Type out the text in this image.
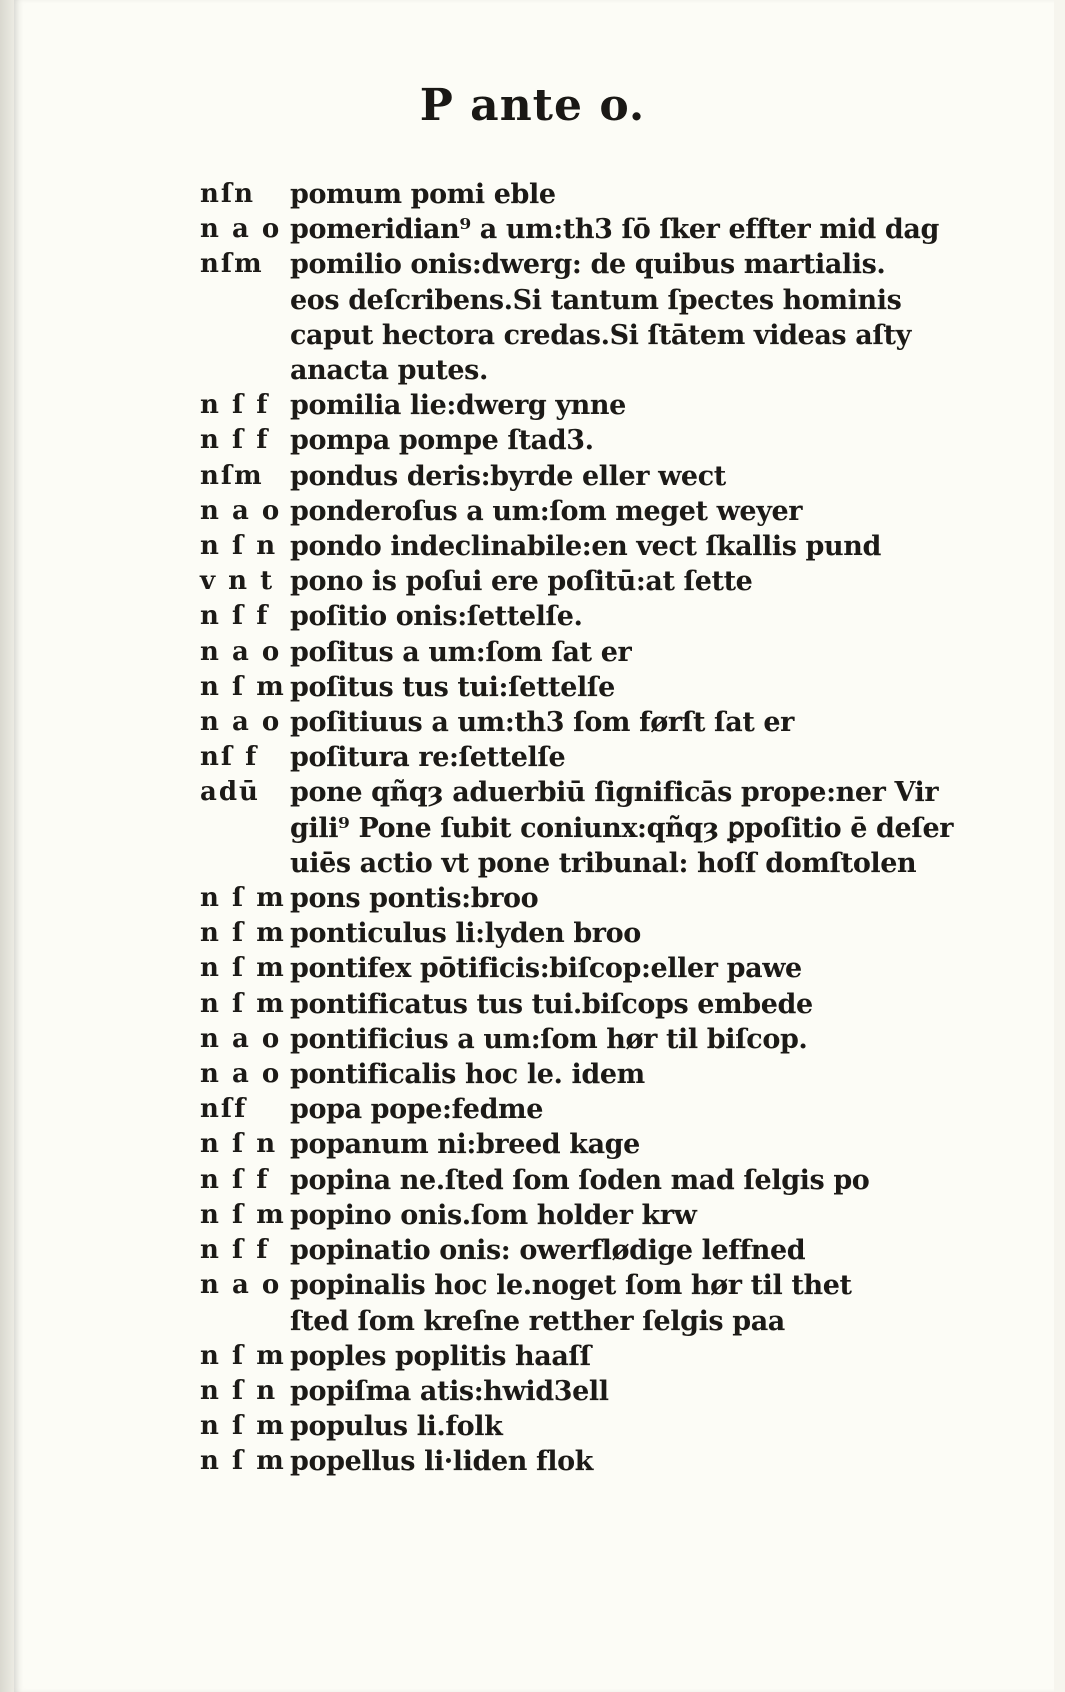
P ante o.
nſn	pomum pomi eble
n a o pomeridian⁹ a um:th3 ſō ſker effter mid dag
nſm pomilio onis:dwerg: de quibus martialis.
eos deſcribens.Si tantum ſpectes hominis
caput hectora credas.Si ſtātem videas aſty
anacta putes.
n ſ f pomilia lie:dwerg ynne
n ſ f pompa pompe ſtad3.
nſm pondus deris:byrde eller wect
n a o ponderoſus a um:ſom meget weyer
n ſ n pondo indeclinabile:en vect ſkallis pund
v n t pono is poſui ere poſitū:at ſette
n ſ f poſitio onis:ſettelſe.
n a o poſitus a um:ſom ſat er
n ſ m poſitus tus tui:ſettelſe
n a o poſitiuus a um:th3 ſom førſt ſat er
nſ f	poſitura re:ſettelſe
adū	pone qñqȝ aduerbiū ſignificās prope:ner Vir
gili⁹ Pone ſubit coniunx:qñqȝ ꝑpoſitio ē deſer
uiēs actio vt pone tribunal: hoſſ domſtolen
n ſ m pons pontis:broo
n ſ m ponticulus li:lyden broo
n ſ m pontifex pōtificis:biſcop:eller pawe
n ſ m pontificatus tus tui.biſcops embede
n a o pontificius a um:ſom hør til biſcop.
n a o pontificalis hoc le. idem
nſf	popa pope:fedme
n ſ n popanum ni:breed kage
n ſ f popina ne.ſted ſom ſoden mad ſelgis po
n ſ m popino onis.ſom holder krw
n ſ f popinatio onis: owerflødige leffned
n a o popinalis hoc le.noget ſom hør til thet
ſted ſom kreſne retther ſelgis paa
n ſ m poples poplitis haaſſ
n ſ n popiſma atis:hwid3ell
n ſ m populus li.folk
n ſ m popellus li·liden flok
